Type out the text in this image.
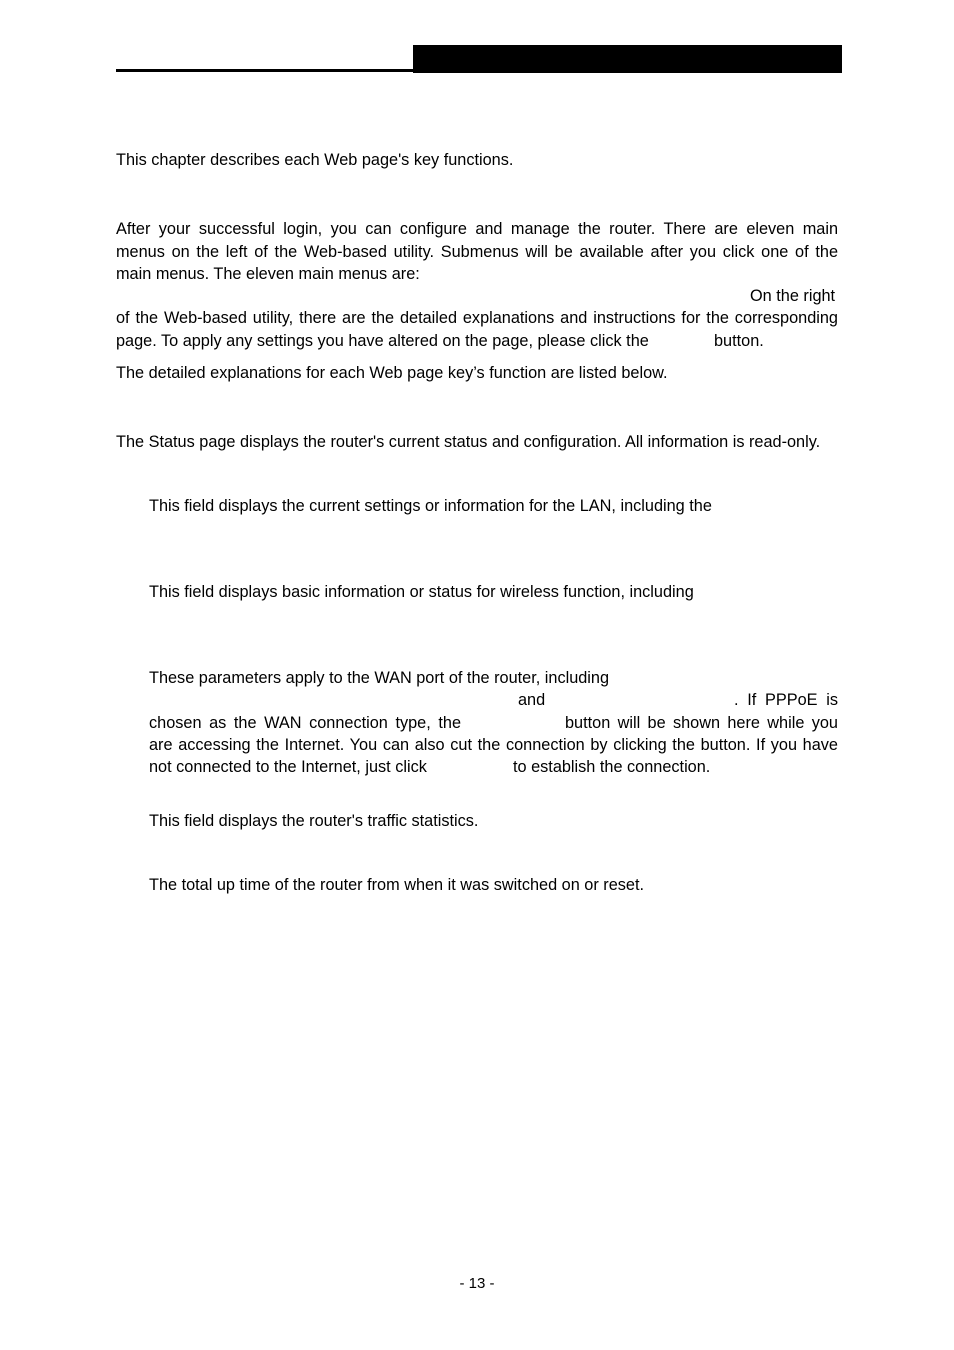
This chapter describes each Web page's key functions.
After your successful login, you can configure and manage the router. There are eleven main
menus on the left of the Web-based utility. Submenus will be available after you click one of the
main menus. The eleven main menus are:
On the right
of the Web-based utility, there are the detailed explanations and instructions for the corresponding
page. To apply any settings you have altered on the page, please click the	button.
The detailed explanations for each Web page key’s function are listed below.
The Status page displays the router's current status and configuration. All information is read-only.
This field displays the current settings or information for the LAN, including the
This field displays basic information or status for wireless function, including
These parameters apply to the WAN port of the router, including
and	. If PPPoE is
chosen as the WAN connection type, the	button will be shown here while you
are accessing the Internet. You can also cut the connection by clicking the button. If you have
not connected to the Internet, just click	to establish the connection.
This field displays the router's traffic statistics.
The total up time of the router from when it was switched on or reset.
- 13 -
